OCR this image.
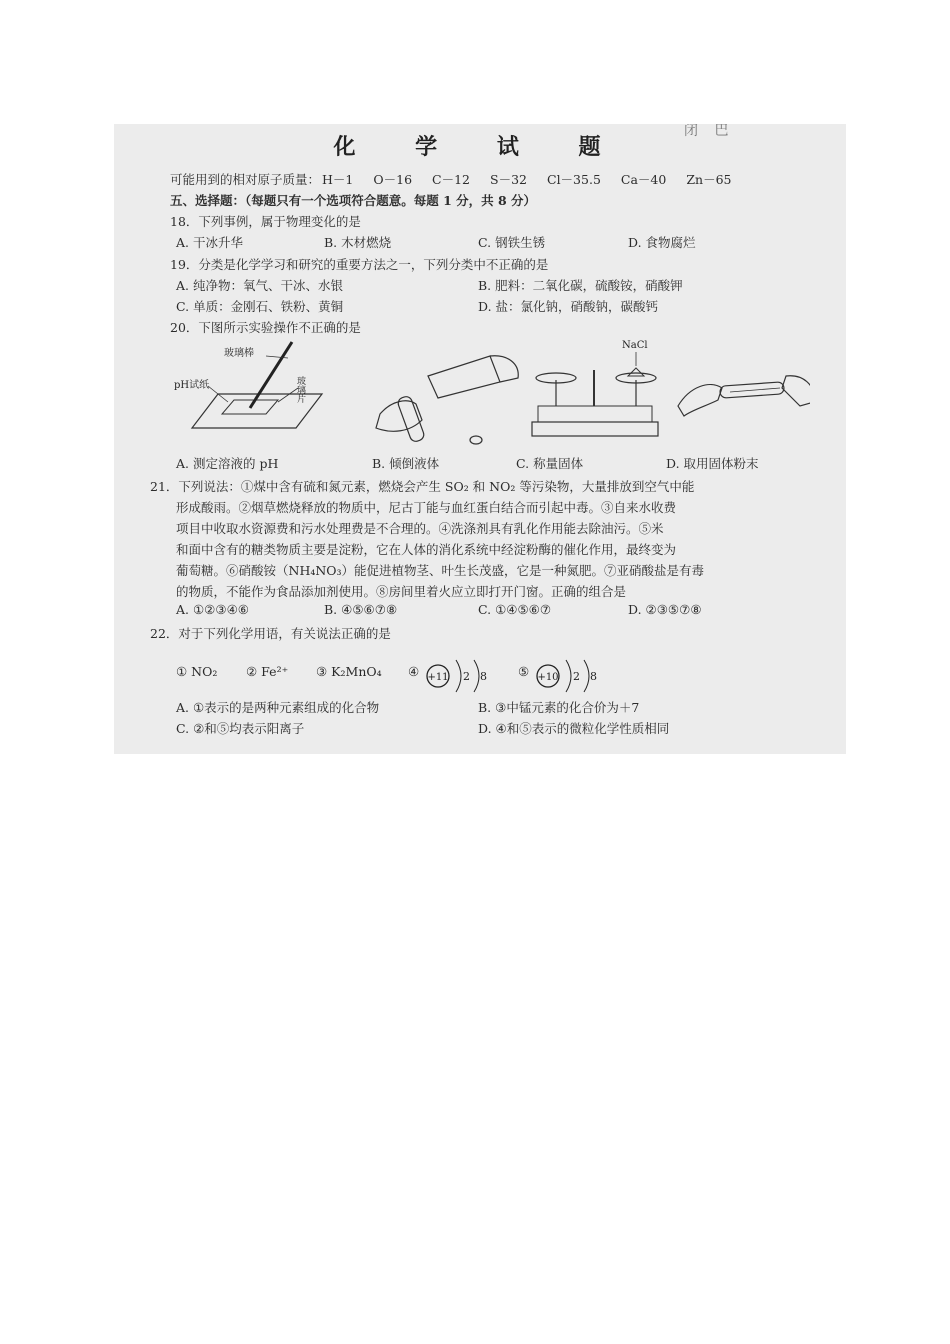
闭 巴
化 学 试 题
可能用到的相对原子质量： H－1 O－16 C－12 S－32 Cl－35.5 Ca－40 Zn－65
五、选择题：（每题只有一个选项符合题意。每题 1 分，共 8 分）
18．下列事例，属于物理变化的是
A. 干冰升华	B. 木材燃烧	C. 钢铁生锈	D. 食物腐烂
19．分类是化学学习和研究的重要方法之一，下列分类中不正确的是
A. 纯净物：氧气、干冰、水银	B. 肥料：二氧化碳，硫酸铵，硝酸钾
C. 单质：金刚石、铁粉、黄铜	D. 盐：氯化钠，硝酸钠，碳酸钙
20．下图所示实验操作不正确的是
玻璃棒
pH试纸	玻璃片
NaCl
A. 测定溶液的 pH	B. 倾倒液体	C. 称量固体	D. 取用固体粉末
21．下列说法：①煤中含有硫和氮元素，燃烧会产生 SO₂ 和 NO₂ 等污染物，大量排放到空气中能
形成酸雨。②烟草燃烧释放的物质中，尼古丁能与血红蛋白结合而引起中毒。③自来水收费
项目中收取水资源费和污水处理费是不合理的。④洗涤剂具有乳化作用能去除油污。⑤米
和面中含有的糖类物质主要是淀粉，它在人体的消化系统中经淀粉酶的催化作用，最终变为
葡萄糖。⑥硝酸铵（NH₄NO₃）能促进植物茎、叶生长茂盛，它是一种氮肥。⑦亚硝酸盐是有毒
的物质，不能作为食品添加剂使用。⑧房间里着火应立即打开门窗。正确的组合是
A. ①②③④⑥	B. ④⑤⑥⑦⑧	C. ①④⑤⑥⑦	D. ②③⑤⑦⑧
22．对于下列化学用语，有关说法正确的是
① NO₂ ② Fe²⁺ ③ K₂MnO₄ ④ +11 2 8 ⑤ +10 2 8
A. ①表示的是两种元素组成的化合物	B. ③中锰元素的化合价为＋7
C. ②和⑤均表示阳离子	D. ④和⑤表示的微粒化学性质相同
